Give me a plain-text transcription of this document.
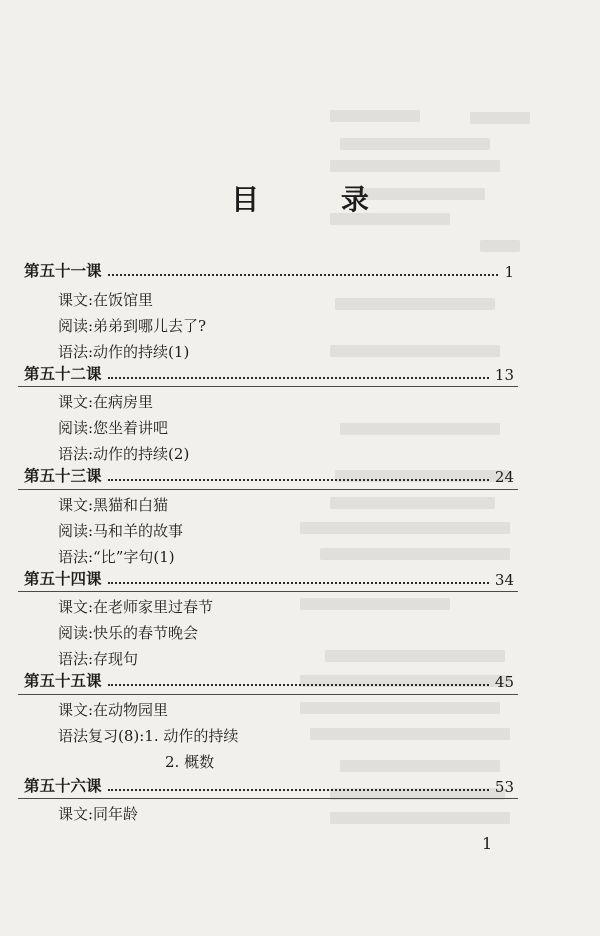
目 录
第五十一课	1
课文:在饭馆里
阅读:弟弟到哪儿去了?
语法:动作的持续(1)
第五十二课	13
课文:在病房里
阅读:您坐着讲吧
语法:动作的持续(2)
第五十三课	24
课文:黑猫和白猫
阅读:马和羊的故事
语法:“比”字句(1)
第五十四课	34
课文:在老师家里过春节
阅读:快乐的春节晚会
语法:存现句
第五十五课	45
课文:在动物园里
语法复习(8):1. 动作的持续
2. 概数
第五十六课	53
课文:同年龄
1
